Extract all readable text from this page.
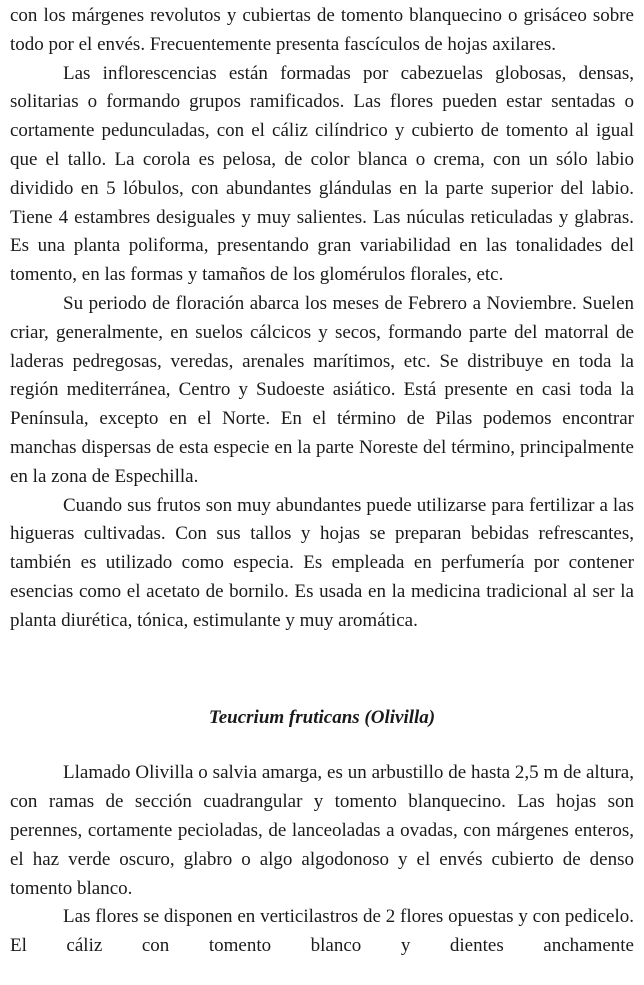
con los márgenes revolutos y cubiertas de tomento blanquecino o grisáceo sobre todo por el envés. Frecuentemente presenta fascículos de hojas axilares.

Las inflorescencias están formadas por cabezuelas globosas, densas, solitarias o formando grupos ramificados. Las flores pueden estar sentadas o cortamente pedunculadas, con el cáliz cilíndrico y cubierto de tomento al igual que el tallo. La corola es pelosa, de color blanca o crema, con un sólo labio dividido en 5 lóbulos, con abundantes glándulas en la parte superior del labio. Tiene 4 estambres desiguales y muy salientes. Las núculas reticuladas y glabras. Es una planta poliforma, presentando gran variabilidad en las tonalidades del tomento, en las formas y tamaños de los glomérulos florales, etc.

Su periodo de floración abarca los meses de Febrero a Noviembre. Suelen criar, generalmente, en suelos cálcicos y secos, formando parte del matorral de laderas pedregosas, veredas, arenales marítimos, etc. Se distribuye en toda la región mediterránea, Centro y Sudoeste asiático. Está presente en casi toda la Península, excepto en el Norte. En el término de Pilas podemos encontrar manchas dispersas de esta especie en la parte Noreste del término, principalmente en la zona de Espechilla.

Cuando sus frutos son muy abundantes puede utilizarse para fertilizar a las higueras cultivadas. Con sus tallos y hojas se preparan bebidas refrescantes, también es utilizado como especia. Es empleada en perfumería por contener esencias como el acetato de bornilo. Es usada en la medicina tradicional al ser la planta diurética, tónica, estimulante y muy aromática.

Teucrium fruticans (Olivilla)

Llamado Olivilla o salvia amarga, es un arbustillo de hasta 2,5 m de altura, con ramas de sección cuadrangular y tomento blanquecino. Las hojas son perennes, cortamente pecioladas, de lanceoladas a ovadas, con márgenes enteros, el haz verde oscuro, glabro o algo algodonoso y el envés cubierto de denso tomento blanco.

Las flores se disponen en verticilastros de 2 flores opuestas y con pedicelo. El cáliz con tomento blanco y dientes anchamente
